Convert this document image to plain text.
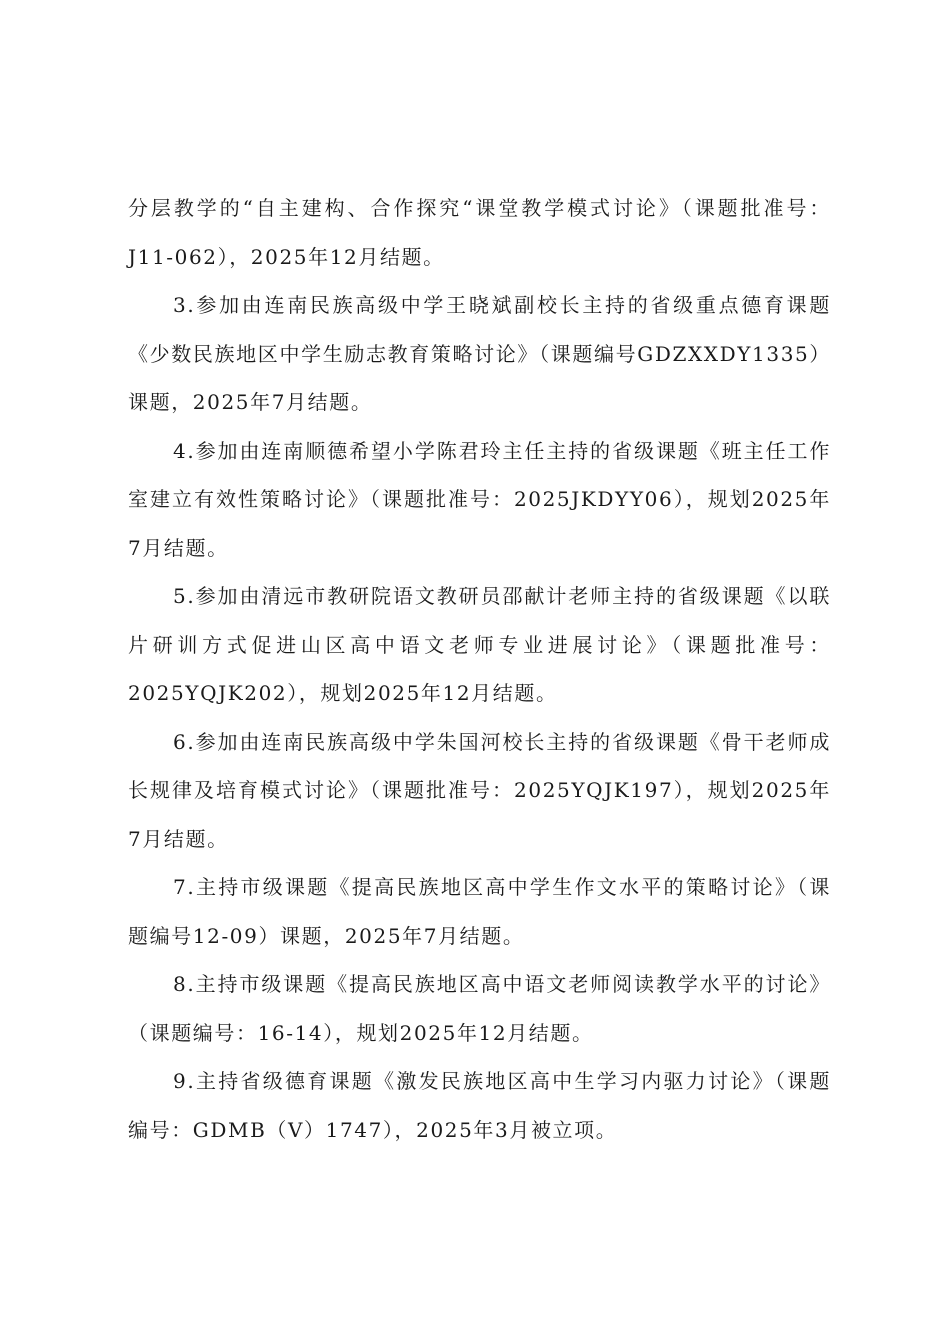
分层教学的“自主建构、合作探究“课堂教学模式讨论》（课题批准号：J11-062），2025年12月结题。

3.参加由连南民族高级中学王晓斌副校长主持的省级重点德育课题《少数民族地区中学生励志教育策略讨论》（课题编号GDZXXDY1335）课题，2025年7月结题。

4.参加由连南顺德希望小学陈君玲主任主持的省级课题《班主任工作室建立有效性策略讨论》（课题批准号：2025JKDYY06），规划2025年7月结题。

5.参加由清远市教研院语文教研员邵献计老师主持的省级课题《以联片研训方式促进山区高中语文老师专业进展讨论》（课题批准号：2025YQJK202），规划2025年12月结题。

6.参加由连南民族高级中学朱国河校长主持的省级课题《骨干老师成长规律及培育模式讨论》（课题批准号：2025YQJK197），规划2025年7月结题。

7.主持市级课题《提高民族地区高中学生作文水平的策略讨论》（课题编号12-09）课题，2025年7月结题。

8.主持市级课题《提高民族地区高中语文老师阅读教学水平的讨论》（课题编号：16-14），规划2025年12月结题。

9.主持省级德育课题《激发民族地区高中生学习内驱力讨论》（课题编号：GDMB（Ⅴ）1747），2025年3月被立项。
